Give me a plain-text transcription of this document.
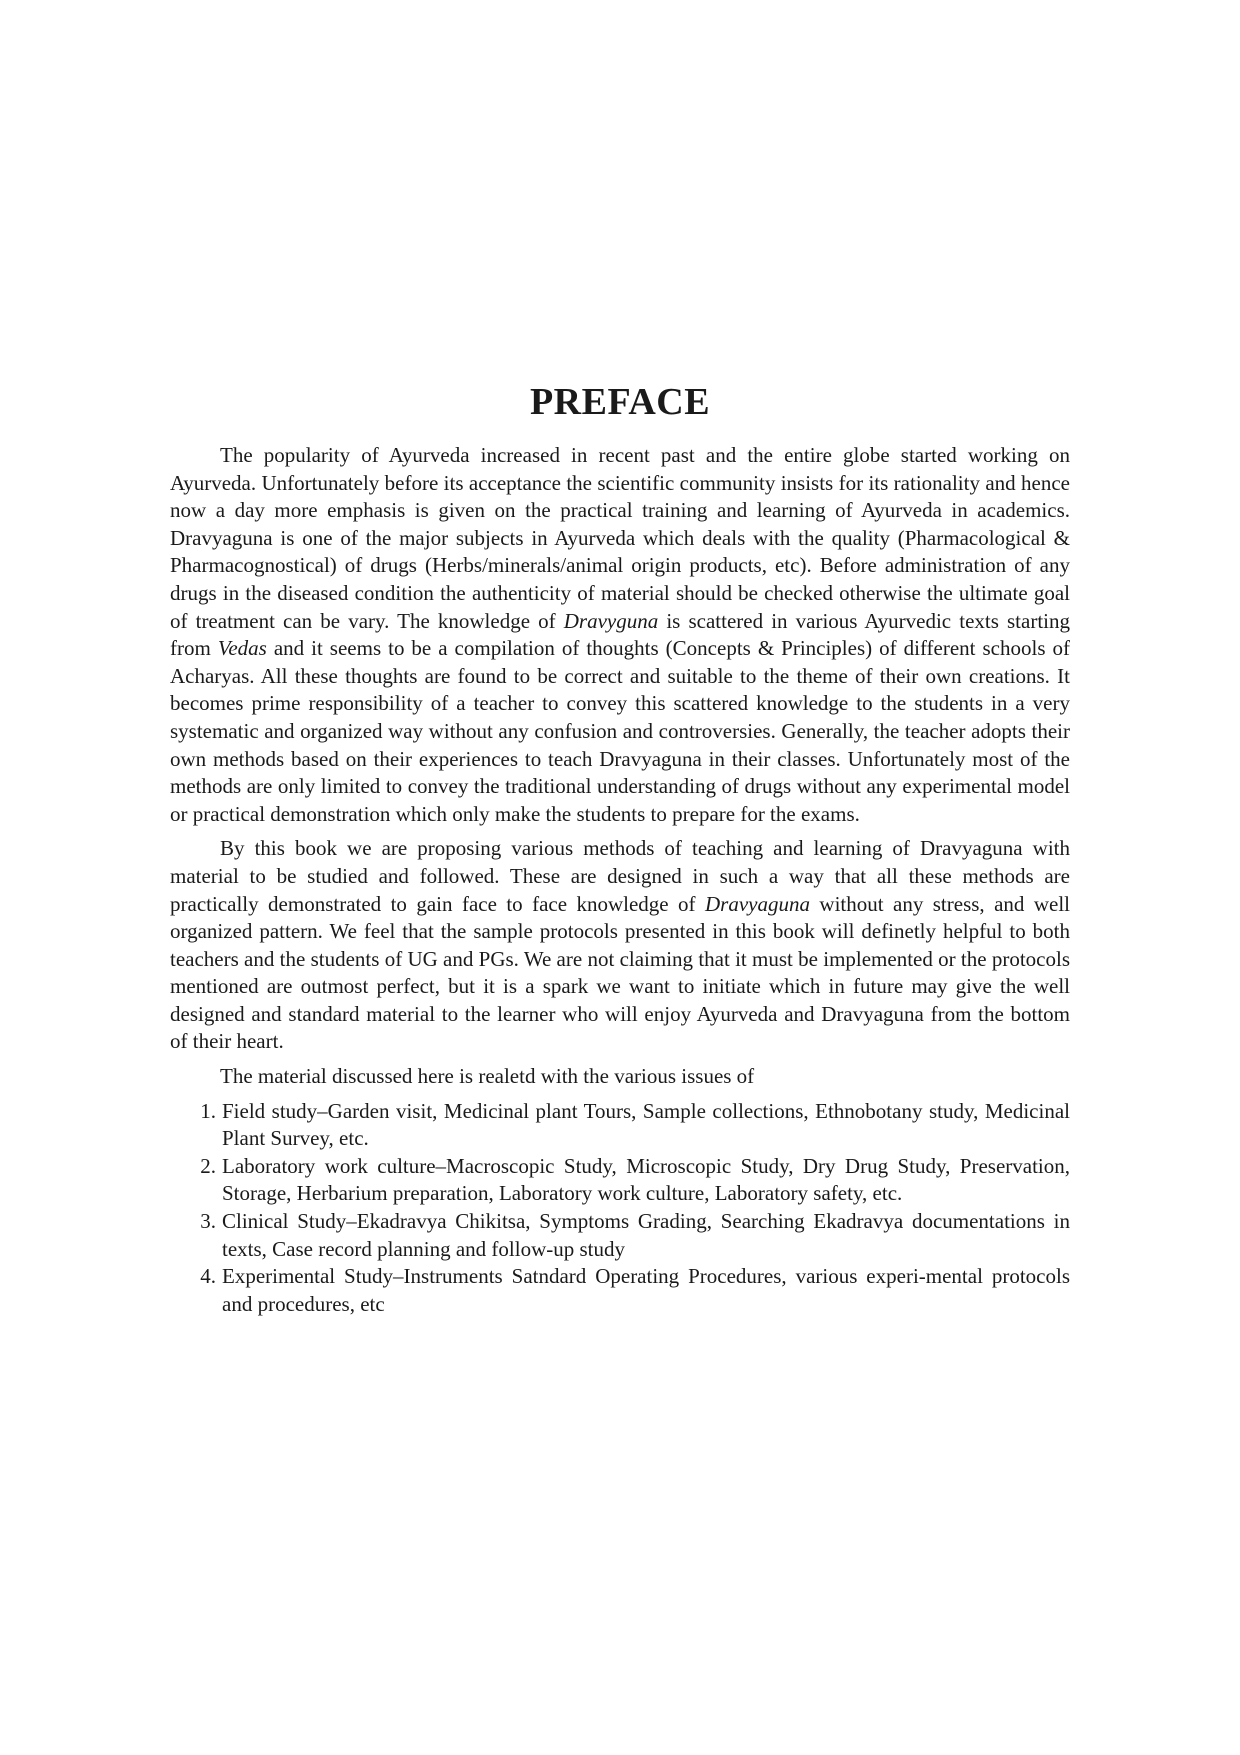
PREFACE

The popularity of Ayurveda increased in recent past and the entire globe started working on Ayurveda. Unfortunately before its acceptance the scientific community insists for its rationality and hence now a day more emphasis is given on the practical training and learning of Ayurveda in academics. Dravyaguna is one of the major subjects in Ayurveda which deals with the quality (Pharmacological & Pharmacognostical) of drugs (Herbs/minerals/animal origin products, etc). Before administration of any drugs in the diseased condition the authenticity of material should be checked otherwise the ultimate goal of treatment can be vary. The knowledge of Dravyguna is scattered in various Ayurvedic texts starting from Vedas and it seems to be a compilation of thoughts (Concepts & Principles) of different schools of Acharyas. All these thoughts are found to be correct and suitable to the theme of their own creations. It becomes prime responsibility of a teacher to convey this scattered knowledge to the students in a very systematic and organized way without any confusion and controversies. Generally, the teacher adopts their own methods based on their experiences to teach Dravyaguna in their classes. Unfortunately most of the methods are only limited to convey the traditional understanding of drugs without any experimental model or practical demonstration which only make the students to prepare for the exams.

By this book we are proposing various methods of teaching and learning of Dravyaguna with material to be studied and followed. These are designed in such a way that all these methods are practically demonstrated to gain face to face knowledge of Dravyaguna without any stress, and well organized pattern. We feel that the sample protocols presented in this book will definetly helpful to both teachers and the students of UG and PGs. We are not claiming that it must be implemented or the protocols mentioned are outmost perfect, but it is a spark we want to initiate which in future may give the well designed and standard material to the learner who will enjoy Ayurveda and Dravyaguna from the bottom of their heart.

The material discussed here is realetd with the various issues of

1. Field study–Garden visit, Medicinal plant Tours, Sample collections, Ethnobotany study, Medicinal Plant Survey, etc.
2. Laboratory work culture–Macroscopic Study, Microscopic Study, Dry Drug Study, Preservation, Storage, Herbarium preparation, Laboratory work culture, Laboratory safety, etc.
3. Clinical Study–Ekadravya Chikitsa, Symptoms Grading, Searching Ekadravya documentations in texts, Case record planning and follow-up study
4. Experimental Study–Instruments Satndard Operating Procedures, various experi-mental protocols and procedures, etc
